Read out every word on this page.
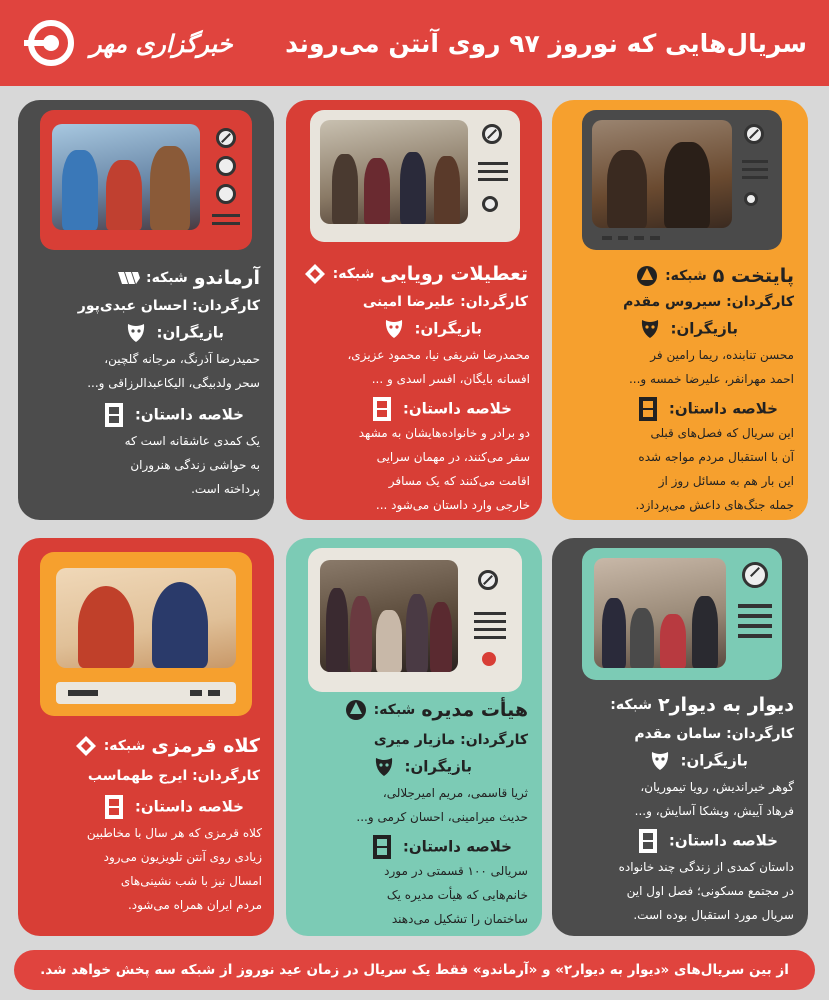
سریال‌هایی که نوروز ۹۷ روی آنتن می‌روند
خبرگزاری مهر
پایتخت ۵
شبکه:
کارگردان: سیروس مقدم
بازیگران:
محسن تنابنده، ریما رامین فر
احمد مهرانفر، علیرضا خمسه و...
خلاصه داستان:
این سریال که فصل‌های قبلی
آن با استقبال مردم مواجه شده
این بار هم به مسائل روز از
جمله جنگ‌های داعش می‌پردازد.
تعطیلات رویایی
شبکه:
کارگردان: علیرضا امینی
بازیگران:
محمدرضا شریفی نیا، محمود عزیزی،
افسانه بایگان، افسر اسدی و ...
خلاصه داستان:
دو برادر و خانواده‌هایشان به مشهد
سفر می‌کنند، در مهمان سرایی
اقامت می‌کنند که یک مسافر
خارجی وارد داستان می‌شود ...
آرماندو
شبکه:
کارگردان: احسان عبدی‌پور
بازیگران:
حمیدرضا آذرنگ، مرجانه گلچین،
سحر ولدبیگی، الیکاعبدالرزاقی و...
خلاصه داستان:
یک کمدی عاشقانه است که
به حواشی زندگی هنروران
پرداخته است.
دیوار به دیوار۲
شبکه:
کارگردان: سامان مقدم
بازیگران:
گوهر خیراندیش، رویا تیموریان،
فرهاد آییش، ویشکا آسایش، و...
خلاصه داستان:
داستان کمدی از زندگی چند خانواده
در مجتمع مسکونی؛ فصل اول این
سریال مورد استقبال بوده است.
هیأت مدیره
شبکه:
کارگردان: مازیار میری
بازیگران:
ثریا قاسمی، مریم امیرجلالی،
حدیث میرامینی، احسان کرمی و...
خلاصه داستان:
سریالی ۱۰۰ قسمتی در مورد
خانم‌هایی که هیأت مدیره یک
ساختمان را تشکیل می‌دهند
کلاه قرمزی
شبکه:
کارگردان: ایرج طهماسب
خلاصه داستان:
کلاه قرمزی که هر سال با مخاطبین
زیادی روی آنتن تلویزیون می‌رود
امسال نیز با شب نشینی‌های
مردم ایران همراه می‌شود.
از بین سریال‌های «دیوار به دیوار۲» و «آرماندو» فقط یک سریال در زمان عید نوروز از شبکه سه پخش خواهد شد.
